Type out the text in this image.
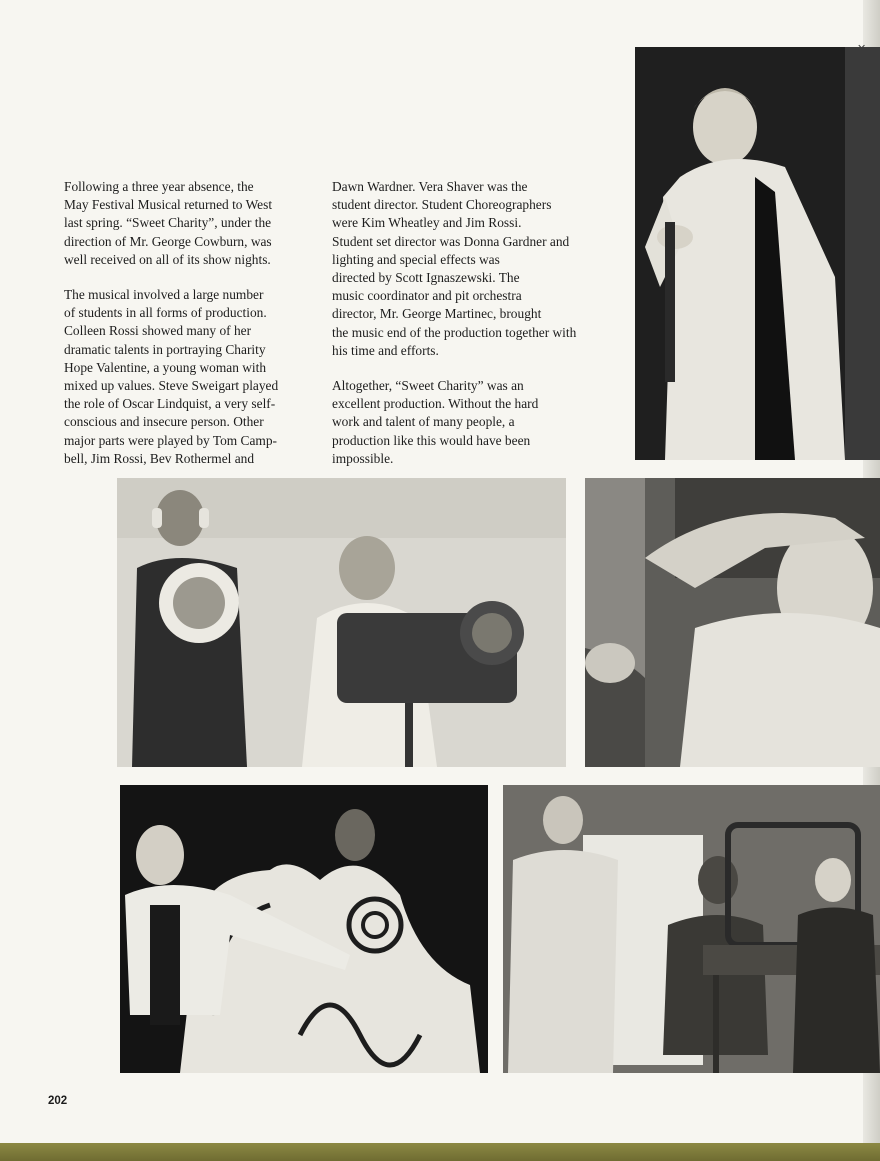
Following a three year absence, the
May Festival Musical returned to West
last spring. “Sweet Charity”, under the
direction of Mr. George Cowburn, was
well received on all of its show nights.

The musical involved a large number
of students in all forms of production.
Colleen Rossi showed many of her
dramatic talents in portraying Charity
Hope Valentine, a young woman with
mixed up values. Steve Sweigart played
the role of Oscar Lindquist, a very self-
conscious and insecure person. Other
major parts were played by Tom Camp-
bell, Jim Rossi, Bev Rothermel and

Dawn Wardner. Vera Shaver was the
student director. Student Choreographers were Kim Wheatley and Jim Rossi.
Student set director was Donna Gardner and lighting and special effects was
directed by Scott Ignaszewski. The
music coordinator and pit orchestra
director, Mr. George Martinec, brought
the music end of the production together with his time and efforts.

Altogether, “Sweet Charity” was an
excellent production. Without the hard
work and talent of many people, a
production like this would have been
impossible.

202
